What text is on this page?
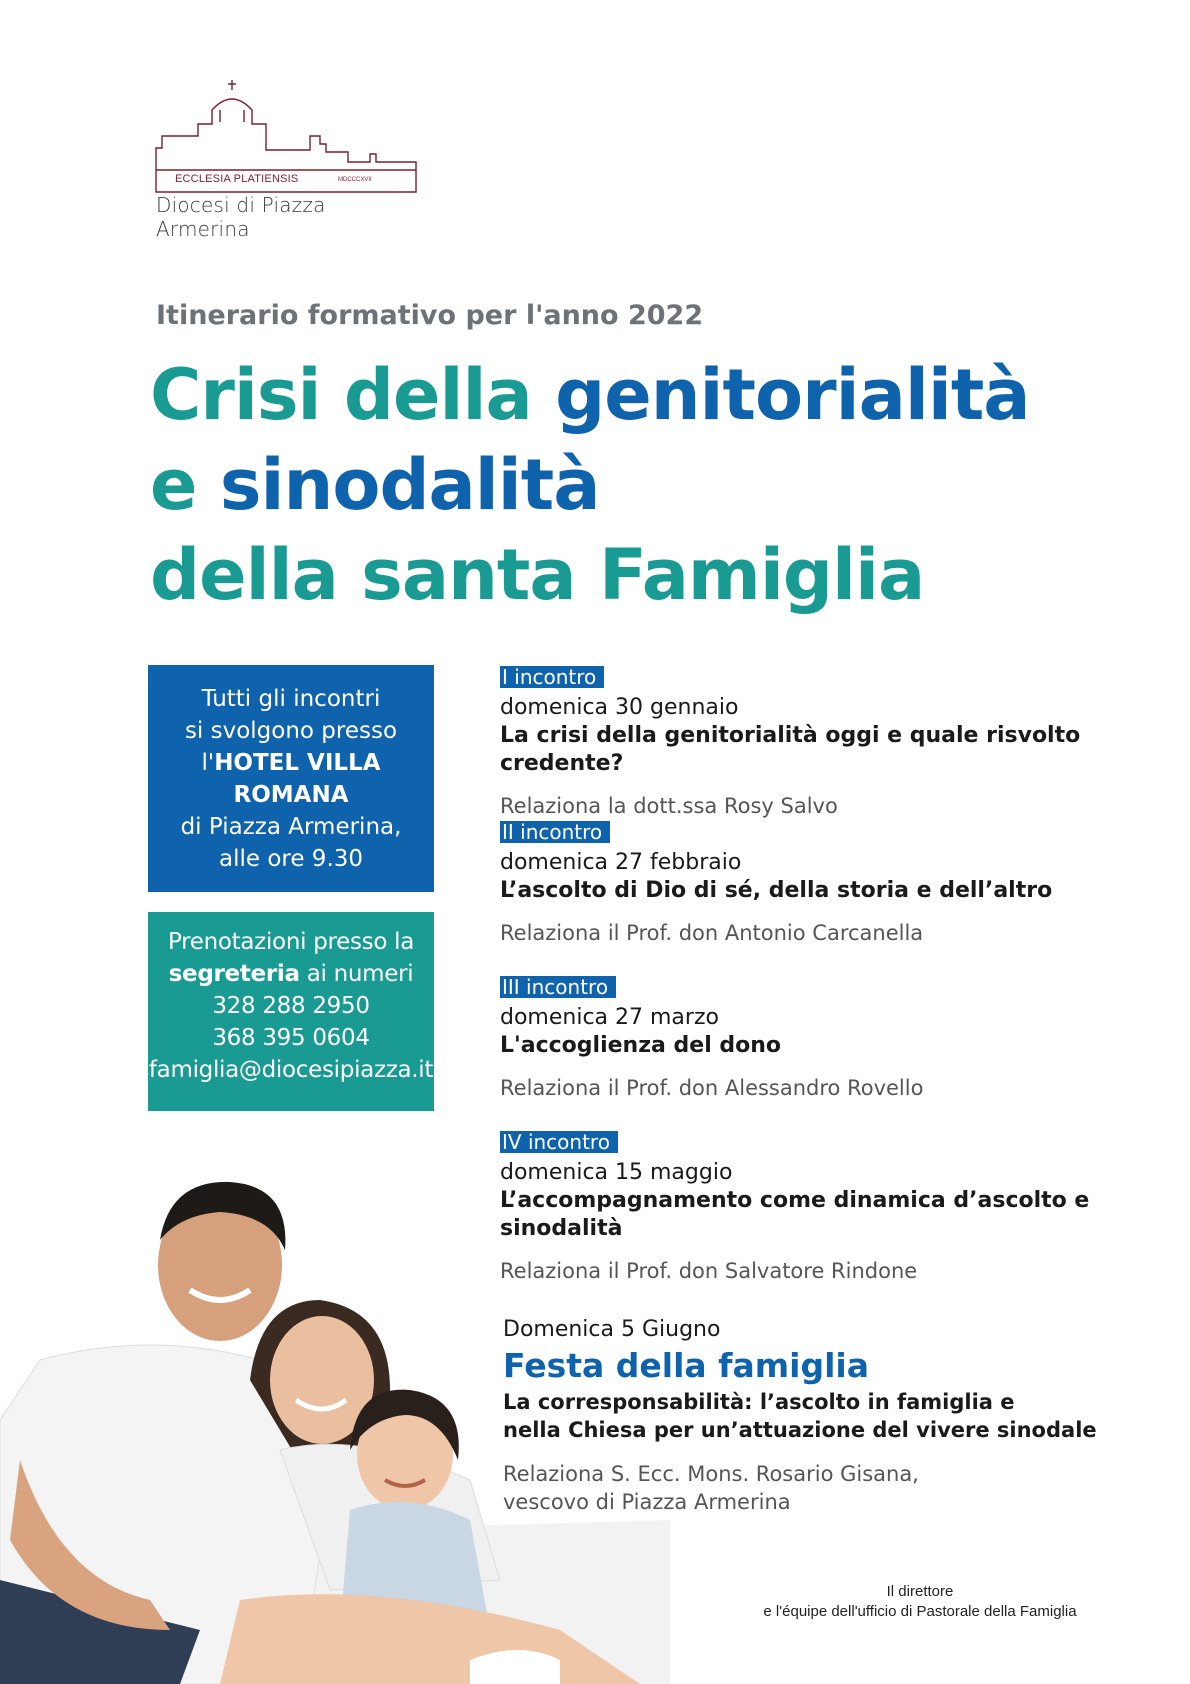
ECCLESIA PLATIENSIS	MDCCCXVII
Diocesi di Piazza Armerina
Itinerario formativo per l'anno 2022
Crisi della genitorialità
e sinodalità
della santa Famiglia
Tutti gli incontri
si svolgono presso
l'HOTEL VILLA
ROMANA
di Piazza Armerina,
alle ore 9.30
Prenotazioni presso la
segreteria ai numeri
328 288 2950
368 395 0604
famiglia@diocesipiazza.it
I incontro
domenica 30 gennaio
La crisi della genitorialità oggi e quale risvolto credente?
Relaziona la dott.ssa Rosy Salvo
II incontro
domenica 27 febbraio
L’ascolto di Dio di sé, della storia e dell’altro
Relaziona il Prof. don Antonio Carcanella
III incontro
domenica 27 marzo
L'accoglienza del dono
Relaziona il Prof. don Alessandro Rovello
IV incontro
domenica 15 maggio
L’accompagnamento come dinamica d’ascolto e sinodalità
Relaziona il Prof. don Salvatore Rindone
Domenica 5 Giugno
Festa della famiglia
La corresponsabilità: l’ascolto in famiglia e
nella Chiesa per un’attuazione del vivere sinodale
Relaziona S. Ecc. Mons. Rosario Gisana,
vescovo di Piazza Armerina
Il direttore
e l'équipe dell'ufficio di Pastorale della Famiglia
